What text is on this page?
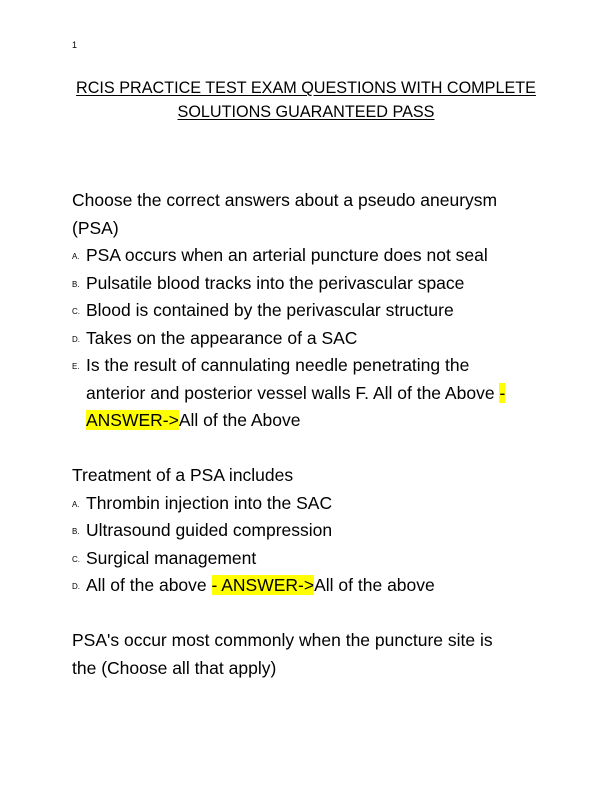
1
RCIS PRACTICE TEST EXAM QUESTIONS WITH COMPLETE
SOLUTIONS GUARANTEED PASS
Choose the correct answers about a pseudo aneurysm
(PSA)
A. PSA occurs when an arterial puncture does not seal
B. Pulsatile blood tracks into the perivascular space
C. Blood is contained by the perivascular structure
D. Takes on the appearance of a SAC
E. Is the result of cannulating needle penetrating the
anterior and posterior vessel walls F. All of the Above -
ANSWER->All of the Above
Treatment of a PSA includes
A. Thrombin injection into the SAC
B. Ultrasound guided compression
C. Surgical management
D. All of the above - ANSWER->All of the above
PSA's occur most commonly when the puncture site is
the (Choose all that apply)
